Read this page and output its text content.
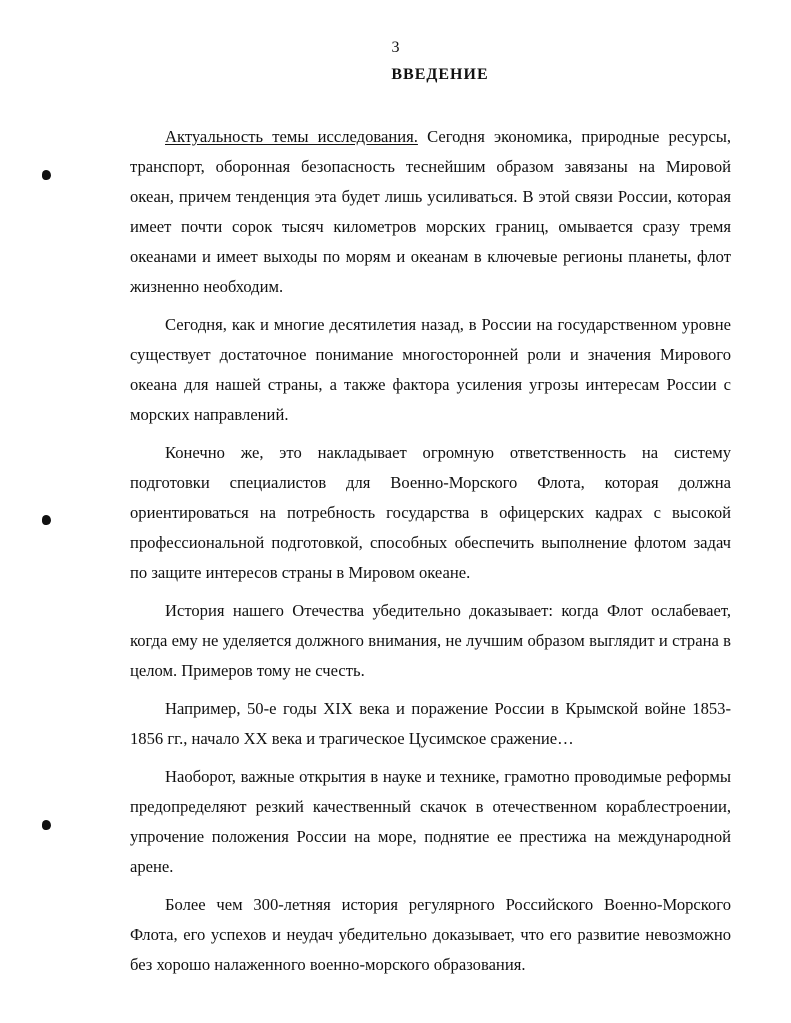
3
ВВЕДЕНИЕ

Актуальность темы исследования. Сегодня экономика, природные ресурсы, транспорт, оборонная безопасность теснейшим образом завязаны на Мировой океан, причем тенденция эта будет лишь усиливаться. В этой связи России, которая имеет почти сорок тысяч километров морских границ, омывается сразу тремя океанами и имеет выходы по морям и океанам в ключевые регионы планеты, флот жизненно необходим.

Сегодня, как и многие десятилетия назад, в России на государственном уровне существует достаточное понимание многосторонней роли и значения Мирового океана для нашей страны, а также фактора усиления угрозы интересам России с морских направлений.

Конечно же, это накладывает огромную ответственность на систему подготовки специалистов для Военно-Морского Флота, которая должна ориентироваться на потребность государства в офицерских кадрах с высокой профессиональной подготовкой, способных обеспечить выполнение флотом задач по защите интересов страны в Мировом океане.

История нашего Отечества убедительно доказывает: когда Флот ослабевает, когда ему не уделяется должного внимания, не лучшим образом выглядит и страна в целом. Примеров тому не счесть.

Например, 50-е годы XIX века и поражение России в Крымской войне 1853-1856 гг., начало XX века и трагическое Цусимское сражение…

Наоборот, важные открытия в науке и технике, грамотно проводимые реформы предопределяют резкий качественный скачок в отечественном кораблестроении, упрочение положения России на море, поднятие ее престижа на международной арене.

Более чем 300-летняя история регулярного Российского Военно-Морского Флота, его успехов и неудач убедительно доказывает, что его развитие невозможно без хорошо налаженного военно-морского образования.
